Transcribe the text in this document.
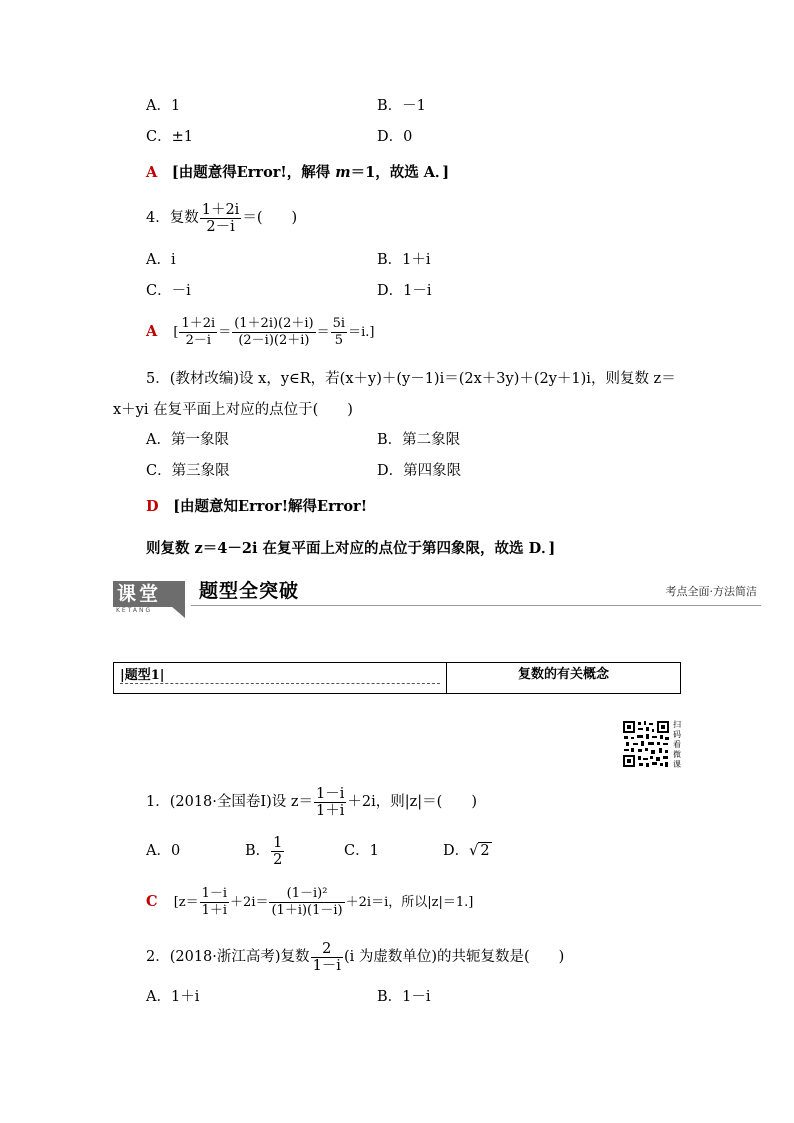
A．1	B．－1
C．±1	D．0
A [由题意得Error!，解得 m＝1，故选 A．]
4．复数 $\frac{1+2i}{2-i}$ ＝(　　)
A．i	B．1＋i
C．－i	D．1－i
A [ $\frac{1+2i}{2-i} = \frac{(1+2i)(2+i)}{(2-i)(2+i)} = \frac{5i}{5} =i$.]
5．(教材改编)设 x，y∈R，若(x＋y)＋(y－1)i＝(2x＋3y)＋(2y＋1)i，则复数 z＝
x＋yi 在复平面上对应的点位于(　　)
A．第一象限	B．第二象限
C．第三象限	D．第四象限
D [由题意知Error!解得Error!
则复数 z＝4－2i 在复平面上对应的点位于第四象限，故选 D．]
课堂
KETANG
题型全突破	考点全面·方法简洁
|题型1|	复数的有关概念
扫码看微课
1．(2018·全国卷Ⅰ)设 $z= \frac{1-i}{1+i} +2i$，则|z|＝(　　)
A．0	B． $\frac{1}{2}$	C．1	D．√ 2
C [$z= \frac{1-i}{1+i} +2i= \frac{\text{(1－i)²}}{(1+i)(1-i)} +2i=i$，所以|z|＝1.]
2．(2018·浙江高考)复数 $\frac{2}{1-i} (i$ 为虚数单位)的共轭复数是(　　)
A．1＋i	B．1－i
